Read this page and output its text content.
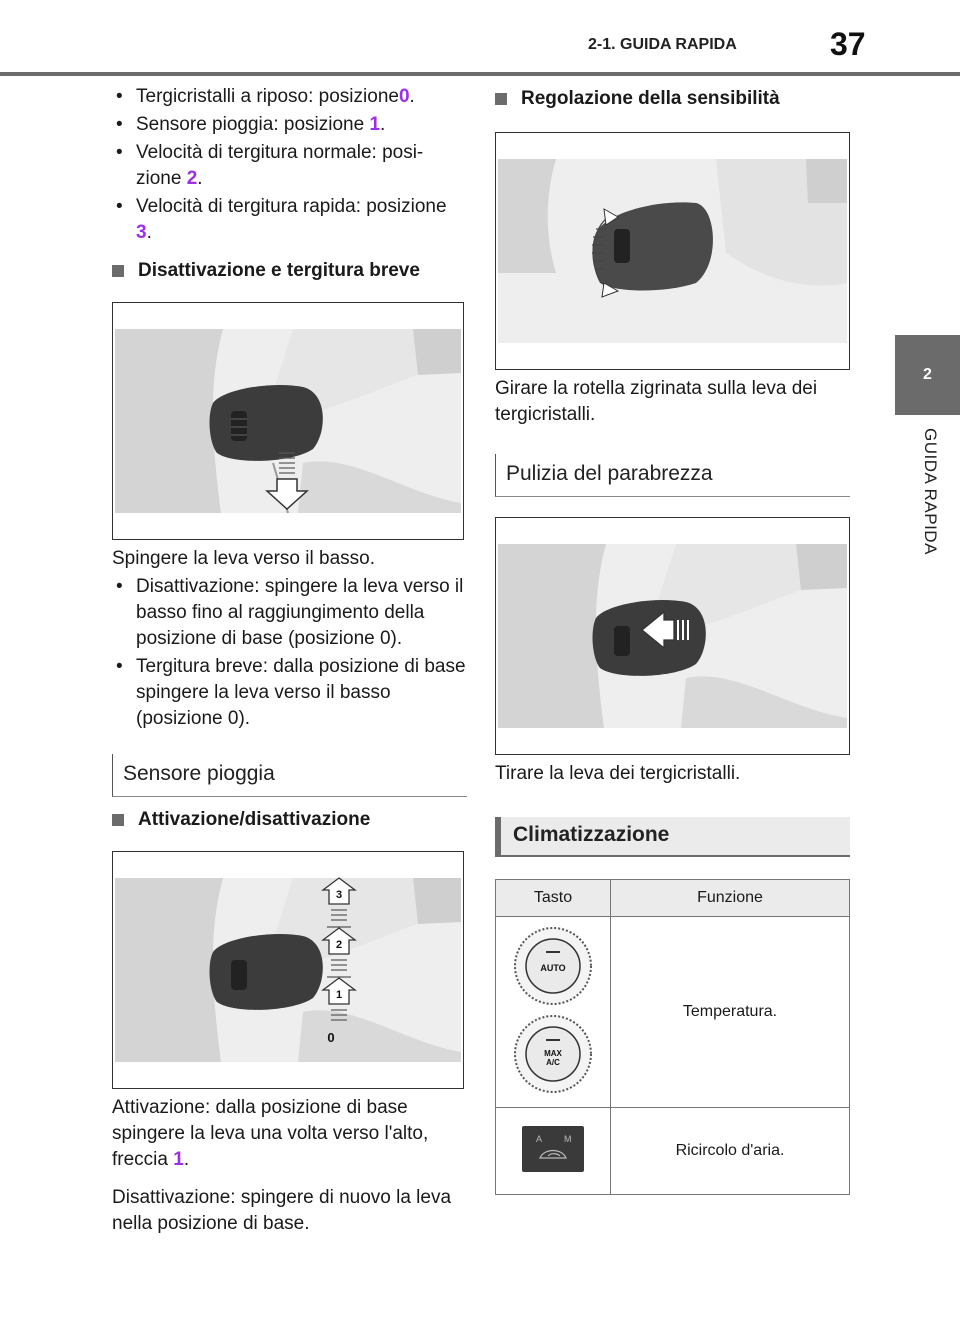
2-1. GUIDA RAPIDA	37
2
GUIDA RAPIDA
• Tergicristalli a riposo: posizione0.
• Sensore pioggia: posizione 1.
• Velocità di tergitura normale: posi-zione 2.
• Velocità di tergitura rapida: posizione 3.
Disattivazione e tergitura breve

Spingere la leva verso il basso.

• Disattivazione: spingere la leva verso il basso fino al raggiungimento della posizione di base (posizione 0).
• Tergitura breve: dalla posizione di base spingere la leva verso il basso (posizione 0).
Sensore pioggia
Attivazione/disattivazione
3
2
1
0

Attivazione: dalla posizione di base spingere la leva una volta verso l'alto, freccia 1.

Disattivazione: spingere di nuovo la leva nella posizione di base.

Regolazione della sensibilità

Girare la rotella zigrinata sulla leva dei tergicristalli.

Pulizia del parabrezza

Tirare la leva dei tergicristalli.

Climatizzazione
Tasto	Funzione

AUTO
MAX
A/C	Temperatura.

A M	Ricircolo d'aria.
